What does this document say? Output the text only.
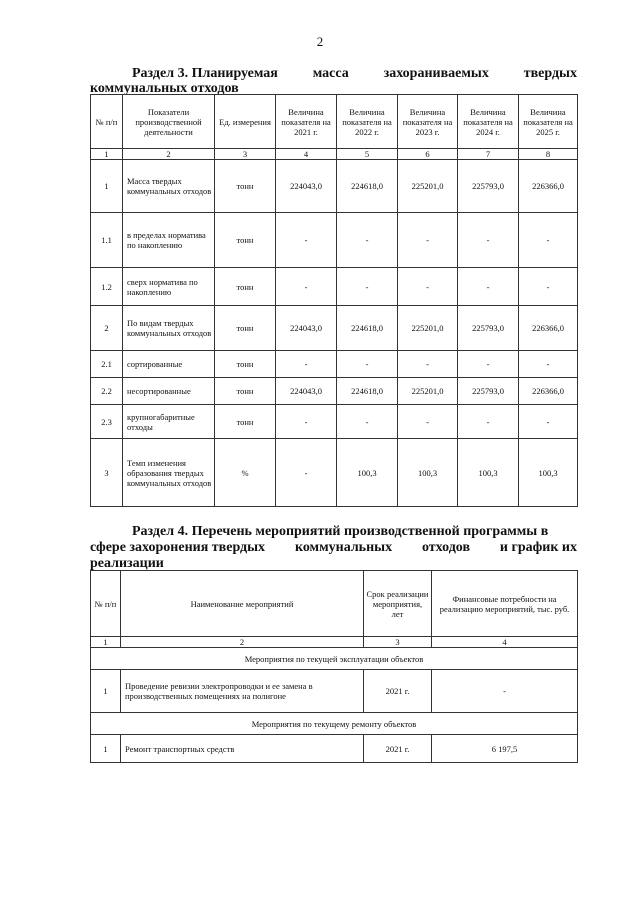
2
Раздел 3. Планируемая масса захораниваемых твердых
коммунальных отходов
№ п/п	Показатели производственной деятельности	Ед. измерения	Величина показателя на 2021 г.	Величина показателя на 2022 г.	Величина показателя на 2023 г.	Величина показателя на 2024 г.	Величина показателя на 2025 г.
1	2	3	4	5	6	7	8
1	Масса твердых коммунальных отходов	тонн	224043,0	224618,0	225201,0	225793,0	226366,0
1.1	в пределах норматива по накоплению	тонн	-	-	-	-	-
1.2	сверх норматива по накоплению	тонн	-	-	-	-	-
2	По видам твердых коммунальных отходов	тонн	224043,0	224618,0	225201,0	225793,0	226366,0
2.1	сортированные	тонн	-	-	-	-	-
2.2	несортированные	тонн	224043,0	224618,0	225201,0	225793,0	226366,0
2.3	крупногабаритные отходы	тонн	-	-	-	-	-
3	Темп изменения образования твердых коммунальных отходов	%	-	100,3	100,3	100,3	100,3
Раздел 4. Перечень мероприятий производственной программы в
сфере захоронения твердых коммунальных отходов и график их
реализации
№ п/п	Наименование мероприятий	Срок реализации мероприятия, лет	Финансовые потребности на реализацию мероприятий, тыс. руб.
1	2	3	4
Мероприятия по текущей эксплуатации объектов			
1	Проведение ревизии электропроводки и ее замена в производственных помещениях на полигоне	2021 г.	-
Мероприятия по текущему ремонту объектов			
1	Ремонт транспортных средств	2021 г.	6 197,5
